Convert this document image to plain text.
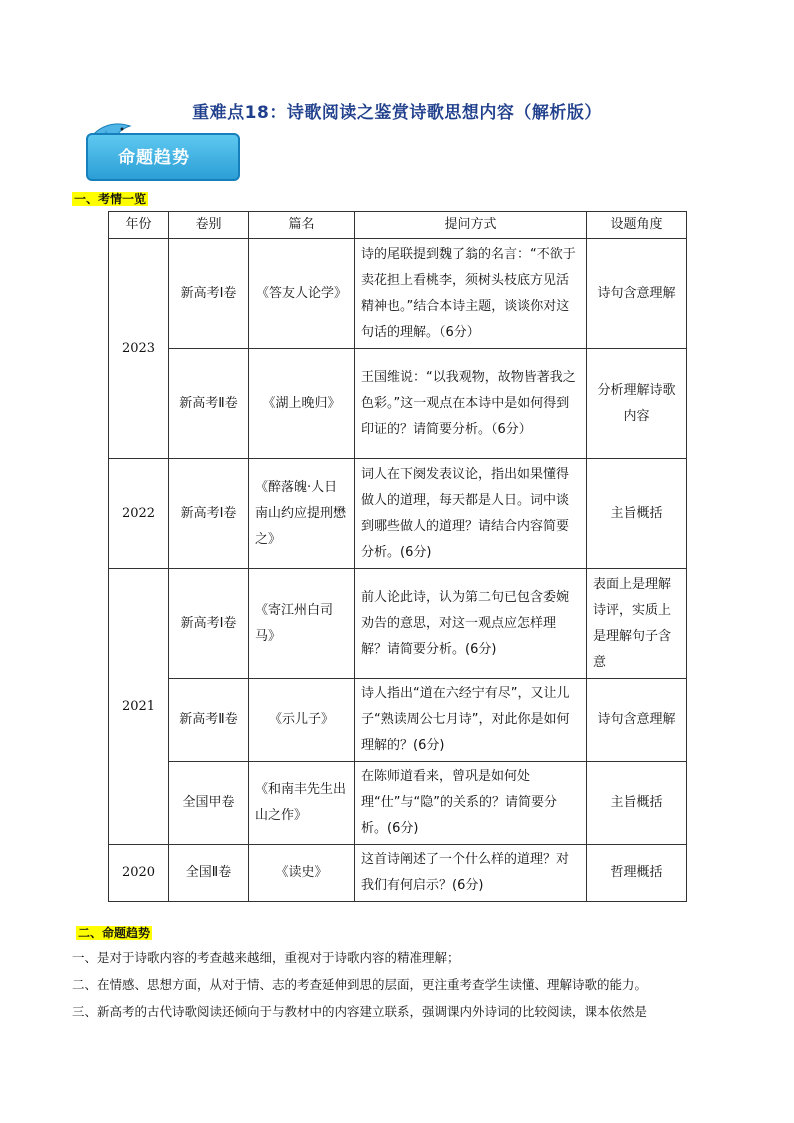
重难点18：诗歌阅读之鉴赏诗歌思想内容（解析版）
命题趋势
一、考情一览
年份	卷别	篇名	提问方式	设题角度
2023	新高考Ⅰ卷	《答友人论学》	诗的尾联提到魏了翁的名言：“不欲于卖花担上看桃李，须树头枝底方见活精神也。”结合本诗主题，谈谈你对这句话的理解。（6分）	诗句含意理解
	新高考Ⅱ卷	《湖上晚归》	王国维说：“以我观物，故物皆著我之色彩。”这一观点在本诗中是如何得到印证的？请简要分析。（6分）	分析理解诗歌内容
2022	新高考Ⅰ卷	《醉落魄·人日南山约应提刑懋之》	词人在下阕发表议论，指出如果懂得做人的道理，每天都是人日。词中谈到哪些做人的道理？请结合内容简要分析。(6分)	主旨概括
2021	新高考Ⅰ卷	《寄江州白司马》	前人论此诗，认为第二句已包含委婉劝告的意思，对这一观点应怎样理解？请简要分析。(6分)	表面上是理解诗评，实质上是理解句子含意
	新高考Ⅱ卷	《示儿子》	诗人指出“道在六经宁有尽”，又让儿子“熟读周公七月诗”，对此你是如何理解的？(6分)	诗句含意理解
	全国甲卷	《和南丰先生出山之作》	在陈师道看来，曾巩是如何处理“仕”与“隐”的关系的？请简要分析。(6分)	主旨概括
2020	全国Ⅱ卷	《读史》	这首诗阐述了一个什么样的道理？对我们有何启示？(6分)	哲理概括
二、命题趋势
一、是对于诗歌内容的考查越来越细，重视对于诗歌内容的精准理解；
二、在情感、思想方面，从对于情、志的考查延伸到思的层面，更注重考查学生读懂、理解诗歌的能力。
三、新高考的古代诗歌阅读还倾向于与教材中的内容建立联系，强调课内外诗词的比较阅读，课本依然是
